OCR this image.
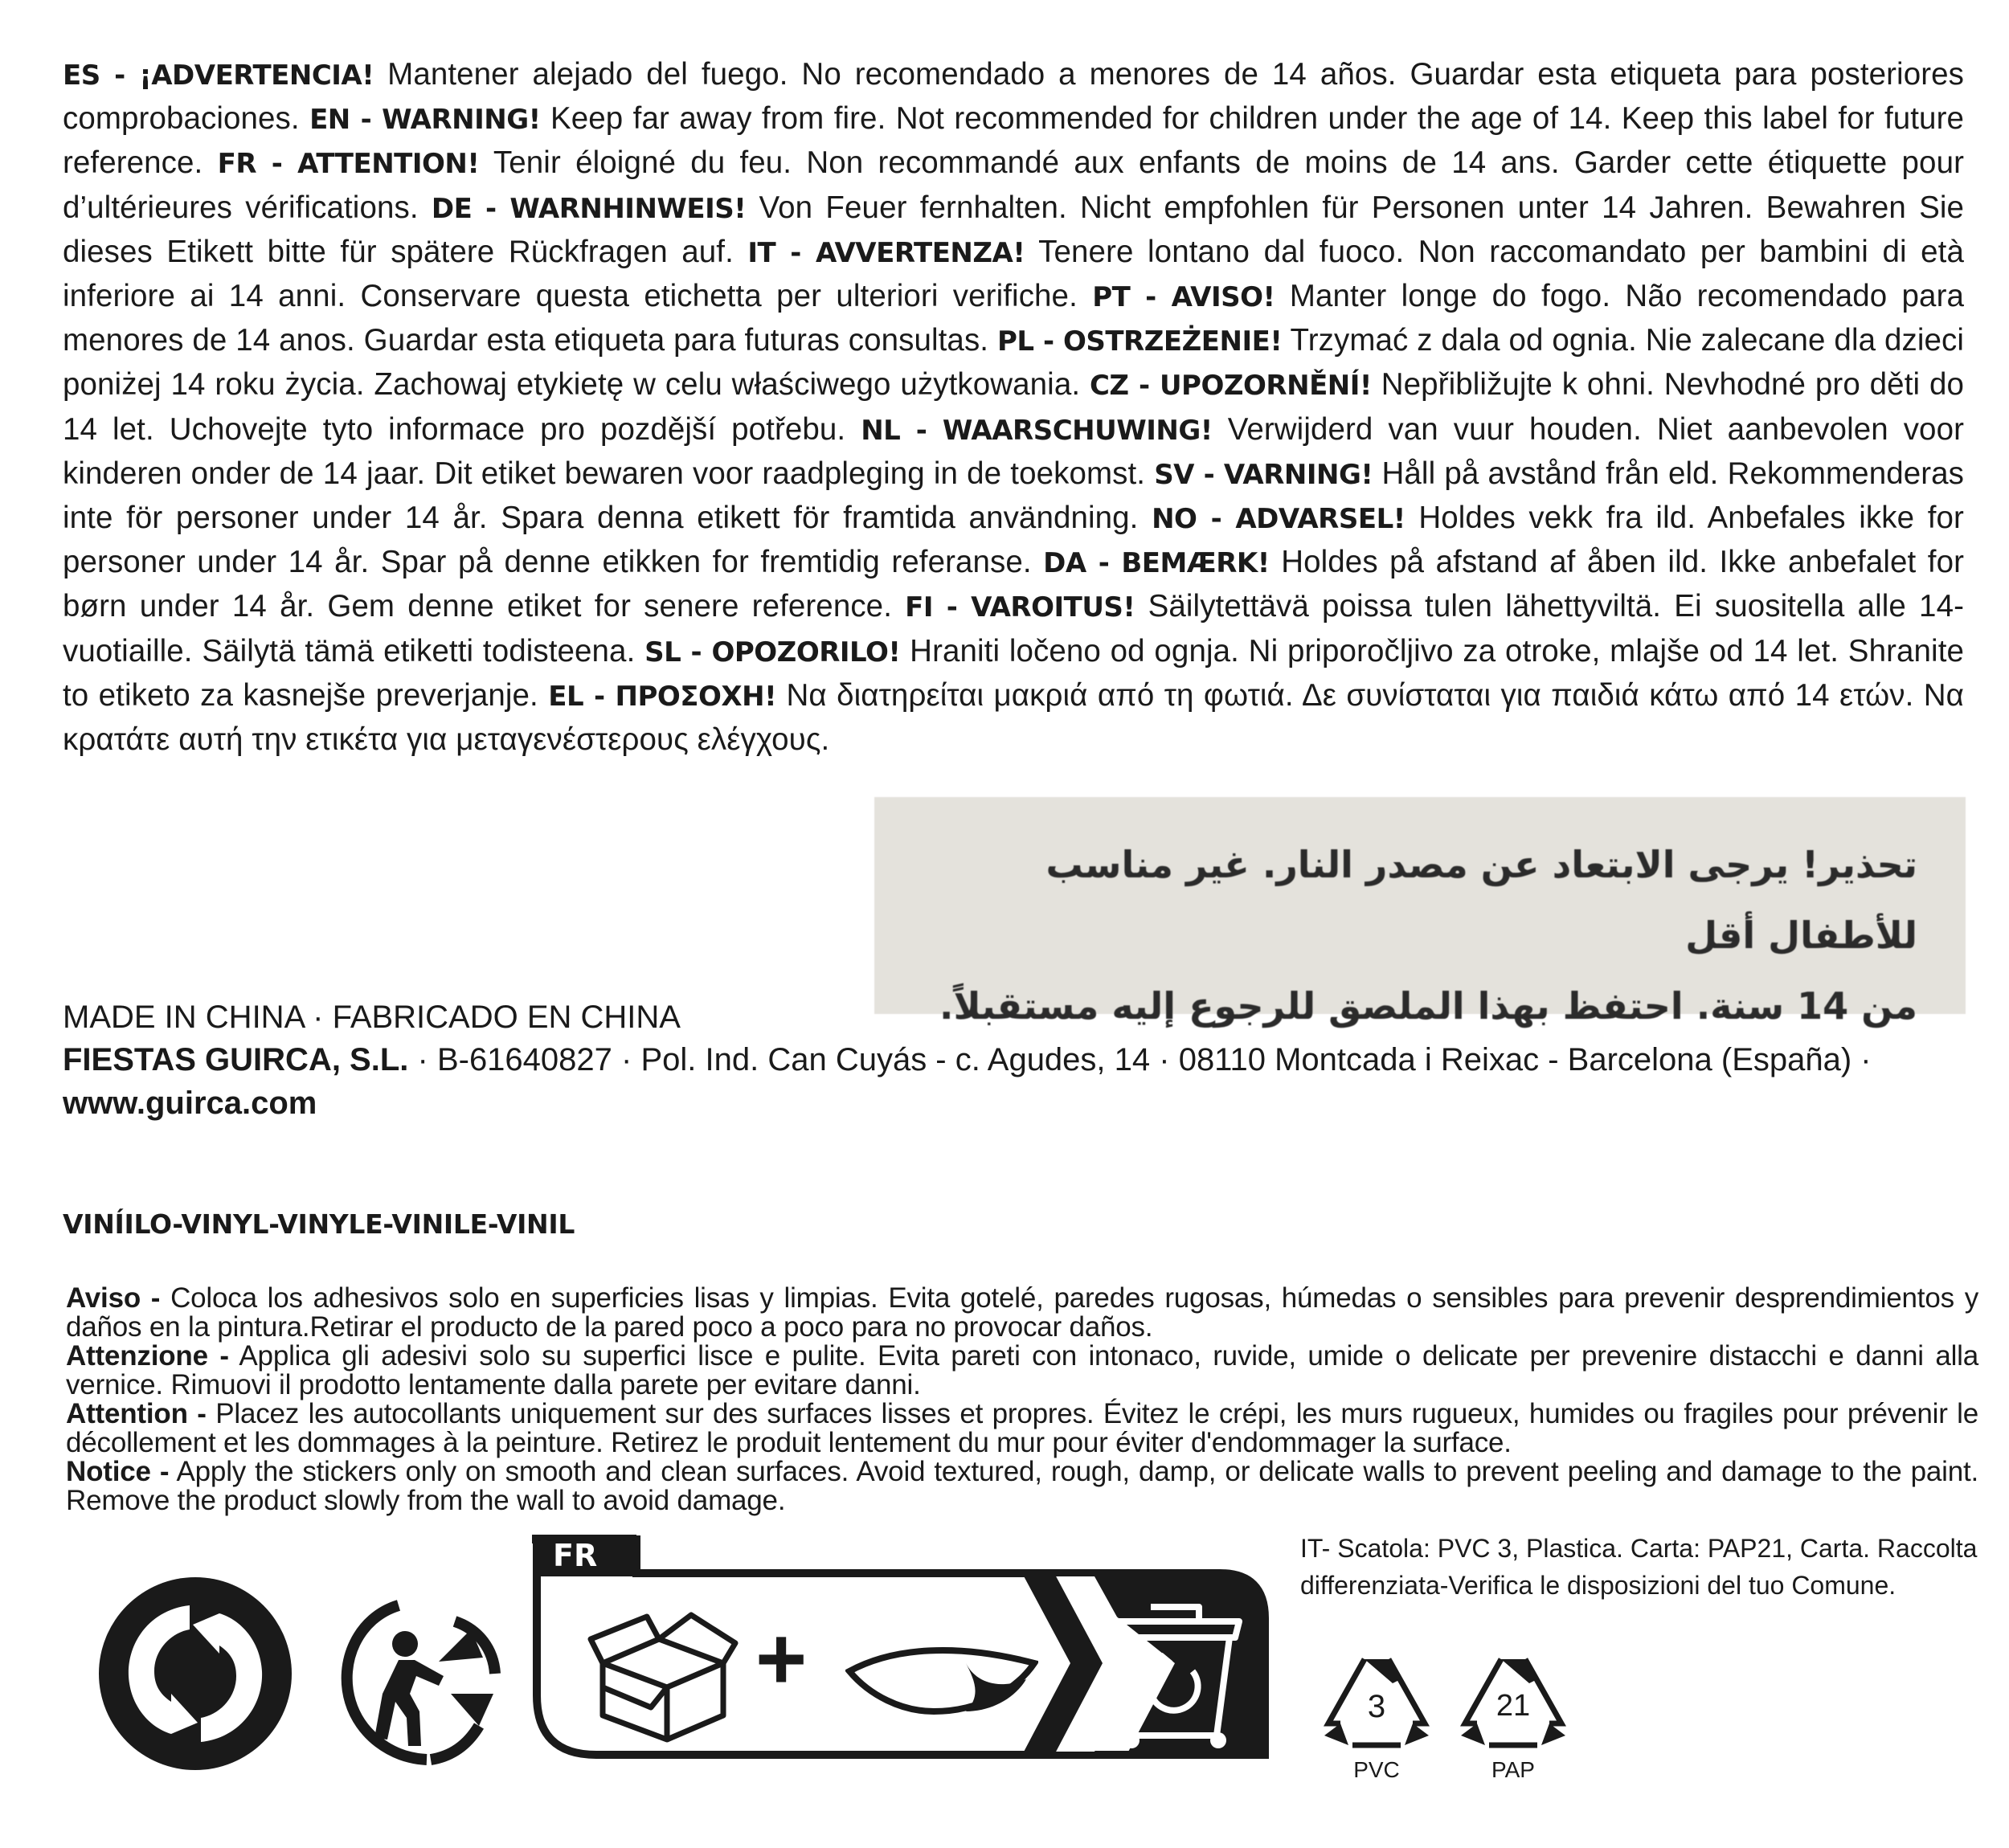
ES - ¡ADVERTENCIA! Mantener alejado del fuego. No recomendado a menores de 14 años. Guardar esta etiqueta para posteriores comprobaciones. EN - WARNING! Keep far away from fire. Not recommended for children under the age of 14. Keep this label for future reference. FR - ATTENTION! Tenir éloigné du feu. Non recommandé aux enfants de moins de 14 ans. Garder cette étiquette pour d’ultérieures vérifications. DE - WARNHINWEIS! Von Feuer fernhalten. Nicht empfohlen für Personen unter 14 Jahren. Bewahren Sie dieses Etikett bitte für spätere Rückfragen auf. IT - AVVERTENZA! Tenere lontano dal fuoco. Non raccomandato per bambini di età inferiore ai 14 anni. Conservare questa etichetta per ulteriori verifiche. PT - AVISO! Manter longe do fogo. Não recomendado para menores de 14 anos. Guardar esta etiqueta para futuras consultas. PL - OSTRZEŻENIE! Trzymać z dala od ognia. Nie zalecane dla dzieci poniżej 14 roku życia. Zachowaj etykietę w celu właściwego użytkowania. CZ - UPOZORNĚNÍ! Nepřibližujte k ohni. Nevhodné pro děti do 14 let. Uchovejte tyto informace pro pozdější potřebu. NL - WAARSCHUWING! Verwijderd van vuur houden. Niet aanbevolen voor kinderen onder de 14 jaar. Dit etiket bewaren voor raadpleging in de toekomst. SV - VARNING! Håll på avstånd från eld. Rekommenderas inte för personer under 14 år. Spara denna etikett för framtida användning. NO - ADVARSEL! Holdes vekk fra ild. Anbefales ikke for personer under 14 år. Spar på denne etikken for fremtidig referanse. DA - BEMÆRK! Holdes på afstand af åben ild. Ikke anbefalet for børn under 14 år. Gem denne etiket for senere reference. FI - VAROITUS! Säilytettävä poissa tulen lähettyviltä. Ei suositella alle 14-vuotiaille. Säilytä tämä etiketti todisteena. SL - OPOZORILO! Hraniti ločeno od ognja. Ni priporočljivo za otroke, mlajše od 14 let. Shranite to etiketo za kasnejše preverjanje. EL - ΠΡΟΣΟΧΗ! Να διατηρείται μακριά από τη φωτιά. Δε συνίσταται για παιδιά κάτω από 14 ετών. Να κρατάτε αυτή την ετικέτα για μεταγενέστερους ελέγχους.
تحذير! يرجى الابتعاد عن مصدر النار. غير مناسب للأطفال أقل
من 14 سنة. احتفظ بهذا الملصق للرجوع إليه مستقبلاً.
MADE IN CHINA · FABRICADO EN CHINA
FIESTAS GUIRCA, S.L. · B-61640827 · Pol. Ind. Can Cuyás - c. Agudes, 14 · 08110 Montcada i Reixac - Barcelona (España) · www.guirca.com
VINÍILO-VINYL-VINYLE-VINILE-VINIL

Aviso - Coloca los adhesivos solo en superficies lisas y limpias. Evita gotelé, paredes rugosas, húmedas o sensibles para prevenir desprendimientos y daños en la pintura.Retirar el producto de la pared poco a poco para no provocar daños.

Attenzione - Applica gli adesivi solo su superfici lisce e pulite. Evita pareti con intonaco, ruvide, umide o delicate per prevenire distacchi e danni alla vernice. Rimuovi il prodotto lentamente dalla parete per evitare danni.

Attention - Placez les autocollants uniquement sur des surfaces lisses et propres. Évitez le crépi, les murs rugueux, humides ou fragiles pour prévenir le décollement et les dommages à la peinture. Retirez le produit lentement du mur pour éviter d'endommager la surface.

Notice - Apply the stickers only on smooth and clean surfaces. Avoid textured, rough, damp, or delicate walls to prevent peeling and damage to the paint. Remove the product slowly from the wall to avoid damage.

FR
+
IT- Scatola: PVC 3, Plastica. Carta: PAP21, Carta. Raccolta differenziata-Verifica le disposizioni del tuo Comune.
3
PVC
21
PAP
